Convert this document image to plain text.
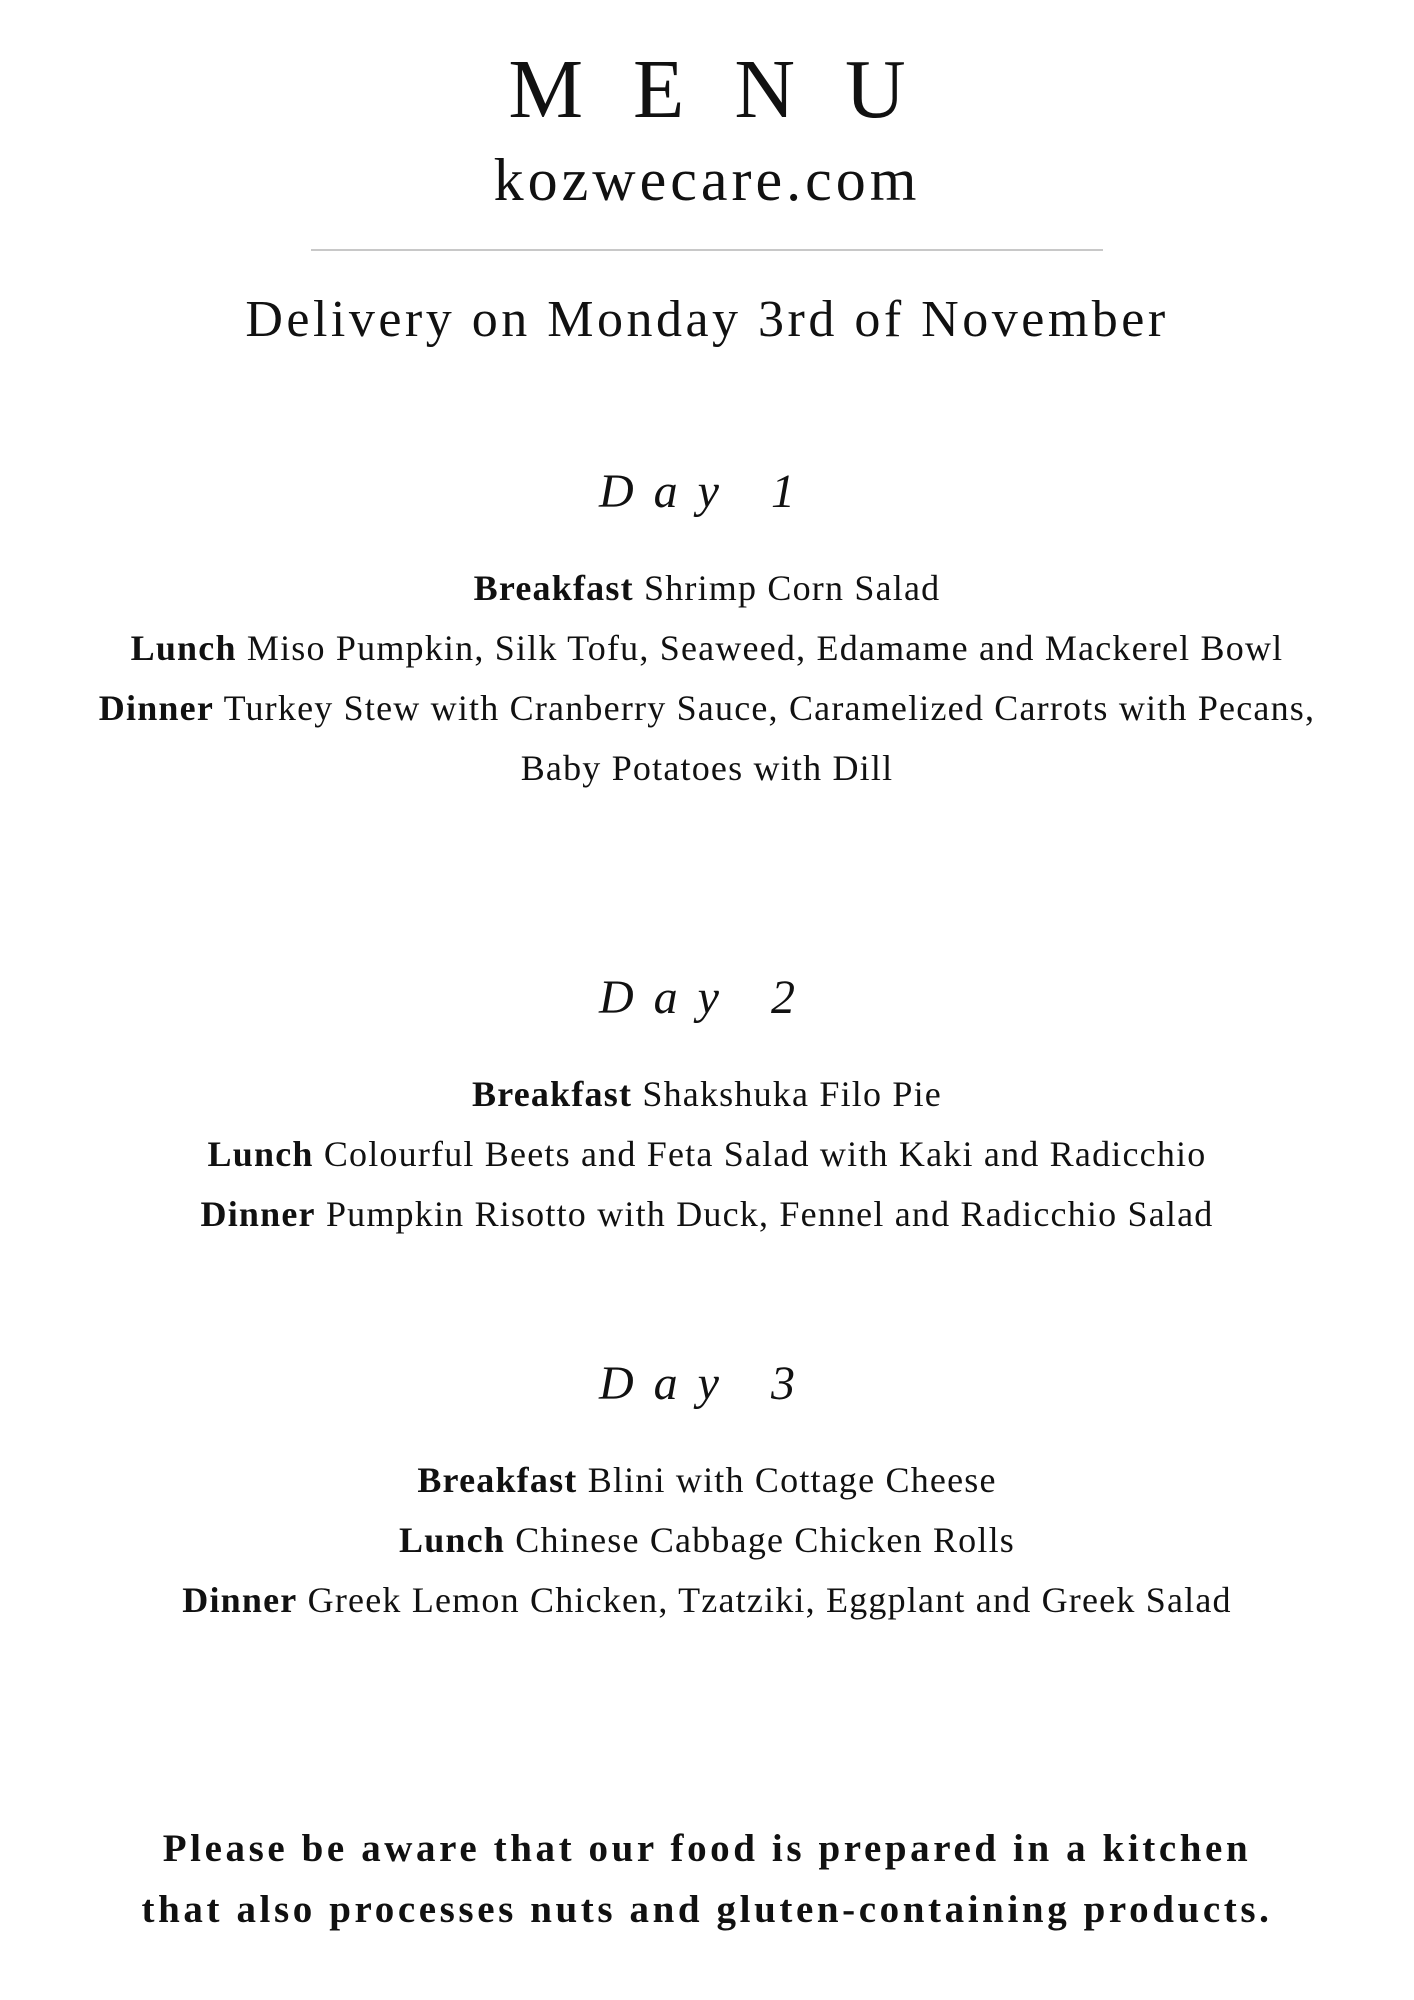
MENU
kozwecare.com
Delivery on Monday 3rd of November
Day 1
Breakfast Shrimp Corn Salad
Lunch Miso Pumpkin, Silk Tofu, Seaweed, Edamame and Mackerel Bowl
Dinner Turkey Stew with Cranberry Sauce, Caramelized Carrots with Pecans, Baby Potatoes with Dill
Day 2
Breakfast Shakshuka Filo Pie
Lunch Colourful Beets and Feta Salad with Kaki and Radicchio
Dinner Pumpkin Risotto with Duck, Fennel and Radicchio Salad
Day 3
Breakfast Blini with Cottage Cheese
Lunch Chinese Cabbage Chicken Rolls
Dinner Greek Lemon Chicken, Tzatziki, Eggplant and Greek Salad
Please be aware that our food is prepared in a kitchen
that also processes nuts and gluten-containing products.
